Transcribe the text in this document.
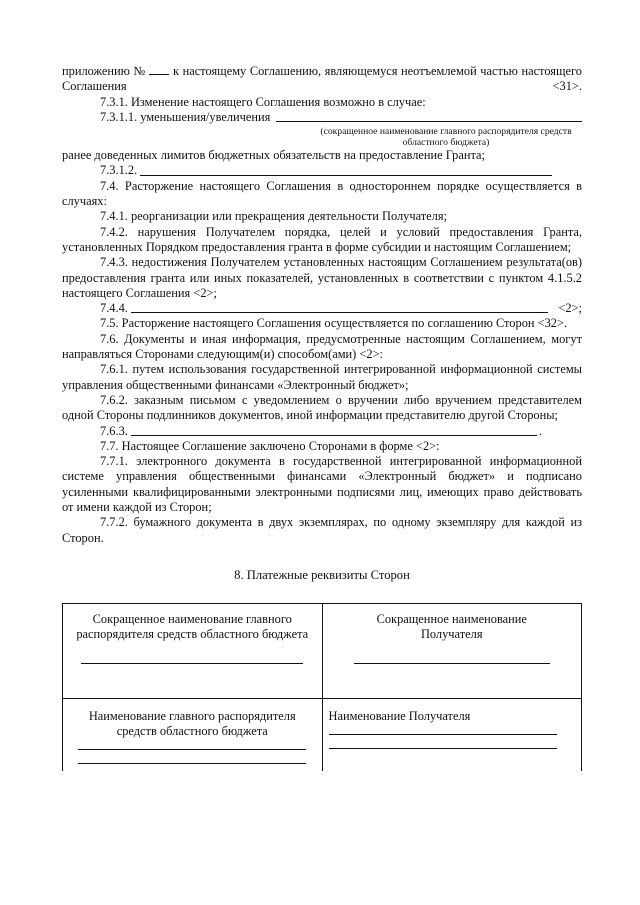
приложению №  к настоящему Соглашению, являющемуся неотъемлемой частью настоящего Соглашения <31>.

7.3.1. Изменение настоящего Соглашения возможно в случае:

7.3.1.1. уменьшения/увеличения

(сокращенное наименование главного распорядителя средств областного бюджета)

ранее доведенных лимитов бюджетных обязательств на предоставление Гранта;

7.3.1.2.

7.4. Расторжение настоящего Соглашения в одностороннем порядке осуществляется в случаях:

7.4.1. реорганизации или прекращения деятельности Получателя;

7.4.2. нарушения Получателем порядка, целей и условий предоставления Гранта, установленных Порядком предоставления гранта в форме субсидии и настоящим Соглашением;

7.4.3. недостижения Получателем установленных настоящим Соглашением результата(ов) предоставления гранта или иных показателей, установленных в соответствии с пунктом 4.1.5.2 настоящего Соглашения <2>;

7.4.4.	<2>;

7.5. Расторжение настоящего Соглашения осуществляется по соглашению Сторон <32>.

7.6. Документы и иная информация, предусмотренные настоящим Соглашением, могут направляться Сторонами следующим(и) способом(ами) <2>:

7.6.1. путем использования государственной интегрированной информационной системы управления общественными финансами «Электронный бюджет»;

7.6.2. заказным письмом с уведомлением о вручении либо вручением представителем одной Стороны подлинников документов, иной информации представителю другой Стороны;

7.6.3.	.

7.7. Настоящее Соглашение заключено Сторонами в форме <2>:

7.7.1. электронного документа в государственной интегрированной информационной системе управления общественными финансами «Электронный бюджет» и подписано усиленными квалифицированными электронными подписями лиц, имеющих право действовать от имени каждой из Сторон;

7.7.2. бумажного документа в двух экземплярах, по одному экземпляру для каждой из Сторон.

8. Платежные реквизиты Сторон

Сокращенное наименование главного распорядителя средств областного бюджета	Сокращенное наименование Получателя

Наименование главного распорядителя средств областного бюджета	Наименование Получателя
